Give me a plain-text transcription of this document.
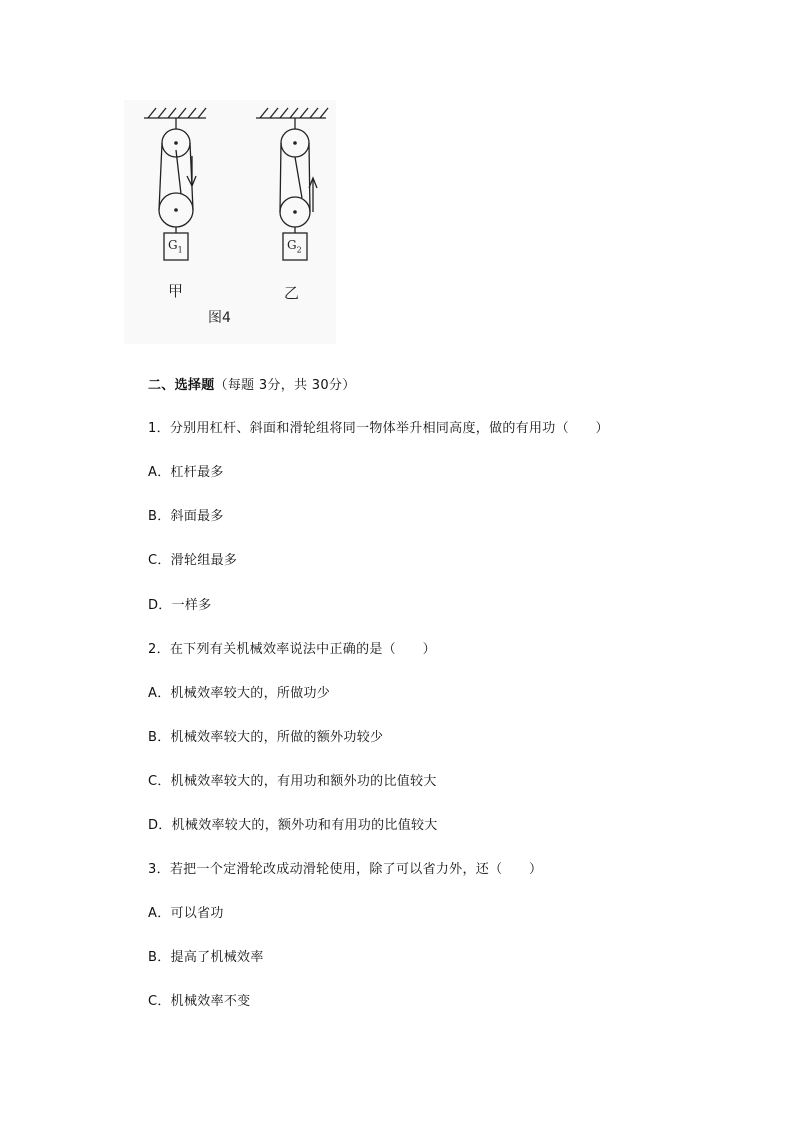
$G_1$	$G_2$
甲	乙
图4
二、选择题（每题 3分，共 30分）
1．分别用杠杆、斜面和滑轮组将同一物体举升相同高度，做的有用功（　　）
A．杠杆最多
B．斜面最多
C．滑轮组最多
D．一样多
2．在下列有关机械效率说法中正确的是（　　）
A．机械效率较大的，所做功少
B．机械效率较大的，所做的额外功较少
C．机械效率较大的，有用功和额外功的比值较大
D．机械效率较大的，额外功和有用功的比值较大
3．若把一个定滑轮改成动滑轮使用，除了可以省力外，还（　　）
A．可以省功
B．提高了机械效率
C．机械效率不变
